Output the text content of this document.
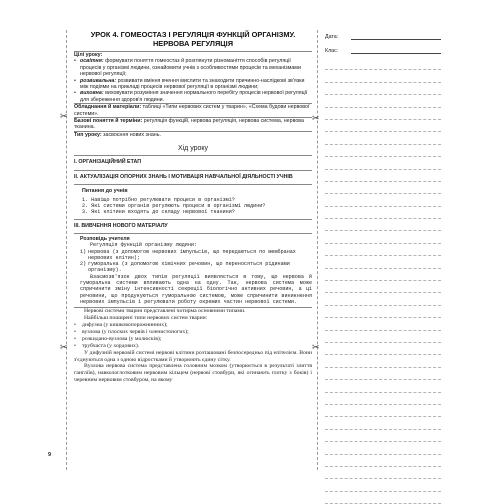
✂
✂
✂
✂
УРОК 4. ГОМЕОСТАЗ І РЕГУЛЯЦІЯ ФУНКЦІЙ ОРГАНІЗМУ.
НЕРВОВА РЕГУЛЯЦІЯ
Цілі уроку:
• освітня: формувати поняття гомеостаз й розглянути різноманіття способів регуляції процесів у організмі людини, ознайомити учнів з особливостями процесів та механізмами нервової регуляції;
• розвивальна: розвивати вміння вчення мислити та знаходити причинно-наслідкові зв'язки між подіями на прикладі процесів нервової регуляції в організмі людини;
• виховна: виховувати розуміння значення нормального перебігу процесів нервової регуляції для збереження здоров'я людини.
Обладнання й матеріали: таблиці «Типи нервових систем у тварин», «Схема будови нервової системи».
Базові поняття й терміни: регуляція функцій, нервова регуляція, нервова система, нервова тканина.
Тип уроку: засвоєння нових знань.
Хід уроку
I. ОРГАНІЗАЦІЙНИЙ ЕТАП
II. АКТУАЛІЗАЦІЯ ОПОРНИХ ЗНАНЬ І МОТИВАЦІЯ НАВЧАЛЬНОЇ ДІЯЛЬНОСТІ УЧНІВ
Питання до учнів
1. Навіщо потрібно регулювати процеси в організмі?
2. Які системи органів регулюють процеси в організмі людини?
3. Які клітини входять до складу нервової тканини?
III. ВИВЧЕННЯ НОВОГО МАТЕРІАЛУ
Розповідь учителя
Регуляція функцій організму людини:
1) нервова (з допомогою нервових імпульсів, що передаються по мембранах нервових клітин);
2) гуморальна (з допомогою хімічних речовин, що переносяться рідинами організму).
Взаємозв'язок двох типів регуляції виявляється в тому, що нервова й гуморальна системи впливають одна на одну. Так, нервова система може спричинити зміну інтенсивності секреції біологічно активних речовин, а ці речовини, що продукуються гуморальною системою, може спричинити виникнення нервових імпульсів і регулювати роботу окремих частин нервової системи.
Нервові системи тварин представлені чотирма основними типами.
Найбільш поширені типи нервових систем тварин:
•	дифузна (у кишковопорожнинних);
•	вузлова (у плоских червів і членистоногих);
•	розкидано-вузлова (у молюсків);
•	трубчаста (у хордових).
У дифузній нервовій системі нервові клітини розташовані безпосередньо під епітелієм. Вони з'єднуються одна з одною відростками й утворюють єдину сітку.
Вузлова нервова система представлена головним мозком (утворюється в результаті злиття гангліїв), навкологлотковим нервовим кільцем (нервові стовбури, які огинають глотку з боків) і черевним нервовим стовбуром, на якому
Дата:
Клас:
9
